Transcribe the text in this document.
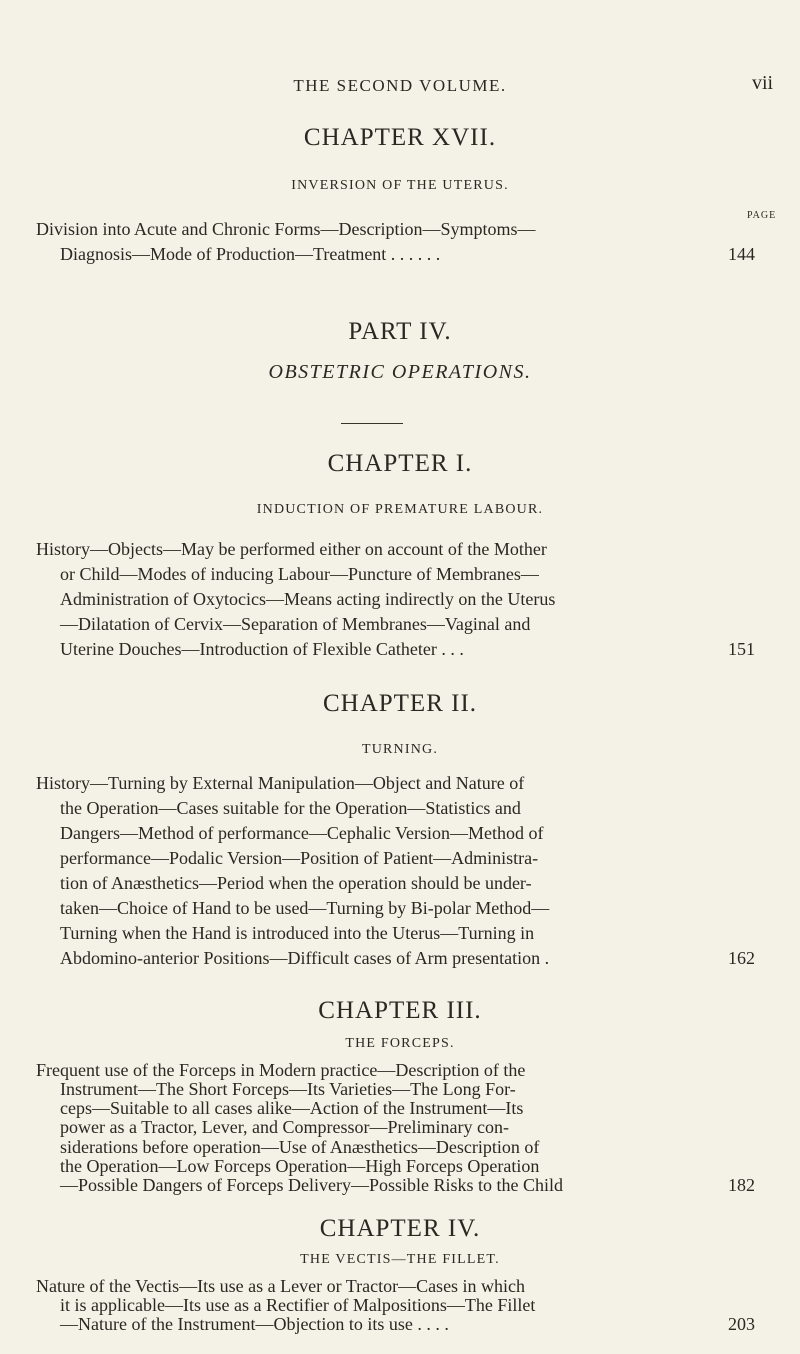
THE SECOND VOLUME.	vii
CHAPTER XVII.
INVERSION OF THE UTERUS.
PAGE
Division into Acute and Chronic Forms—Description—Symptoms—
Diagnosis—Mode of Production—Treatment . . . . . .	144
PART IV.
OBSTETRIC OPERATIONS.
CHAPTER I.
INDUCTION OF PREMATURE LABOUR.
History—Objects—May be performed either on account of the Mother
or Child—Modes of inducing Labour—Puncture of Membranes—
Administration of Oxytocics—Means acting indirectly on the Uterus
—Dilatation of Cervix—Separation of Membranes—Vaginal and
Uterine Douches—Introduction of Flexible Catheter . . .	151
CHAPTER II.
TURNING.
History—Turning by External Manipulation—Object and Nature of
the Operation—Cases suitable for the Operation—Statistics and
Dangers—Method of performance—Cephalic Version—Method of
performance—Podalic Version—Position of Patient—Administra-
tion of Anæsthetics—Period when the operation should be under-
taken—Choice of Hand to be used—Turning by Bi-polar Method—
Turning when the Hand is introduced into the Uterus—Turning in
Abdomino-anterior Positions—Difficult cases of Arm presentation .	162
CHAPTER III.
THE FORCEPS.
Frequent use of the Forceps in Modern practice—Description of the
Instrument—The Short Forceps—Its Varieties—The Long For-
ceps—Suitable to all cases alike—Action of the Instrument—Its
power as a Tractor, Lever, and Compressor—Preliminary con-
siderations before operation—Use of Anæsthetics—Description of
the Operation—Low Forceps Operation—High Forceps Operation
—Possible Dangers of Forceps Delivery—Possible Risks to the Child	182
CHAPTER IV.
THE VECTIS—THE FILLET.
Nature of the Vectis—Its use as a Lever or Tractor—Cases in which
it is applicable—Its use as a Rectifier of Malpositions—The Fillet
—Nature of the Instrument—Objection to its use . . . .	203
